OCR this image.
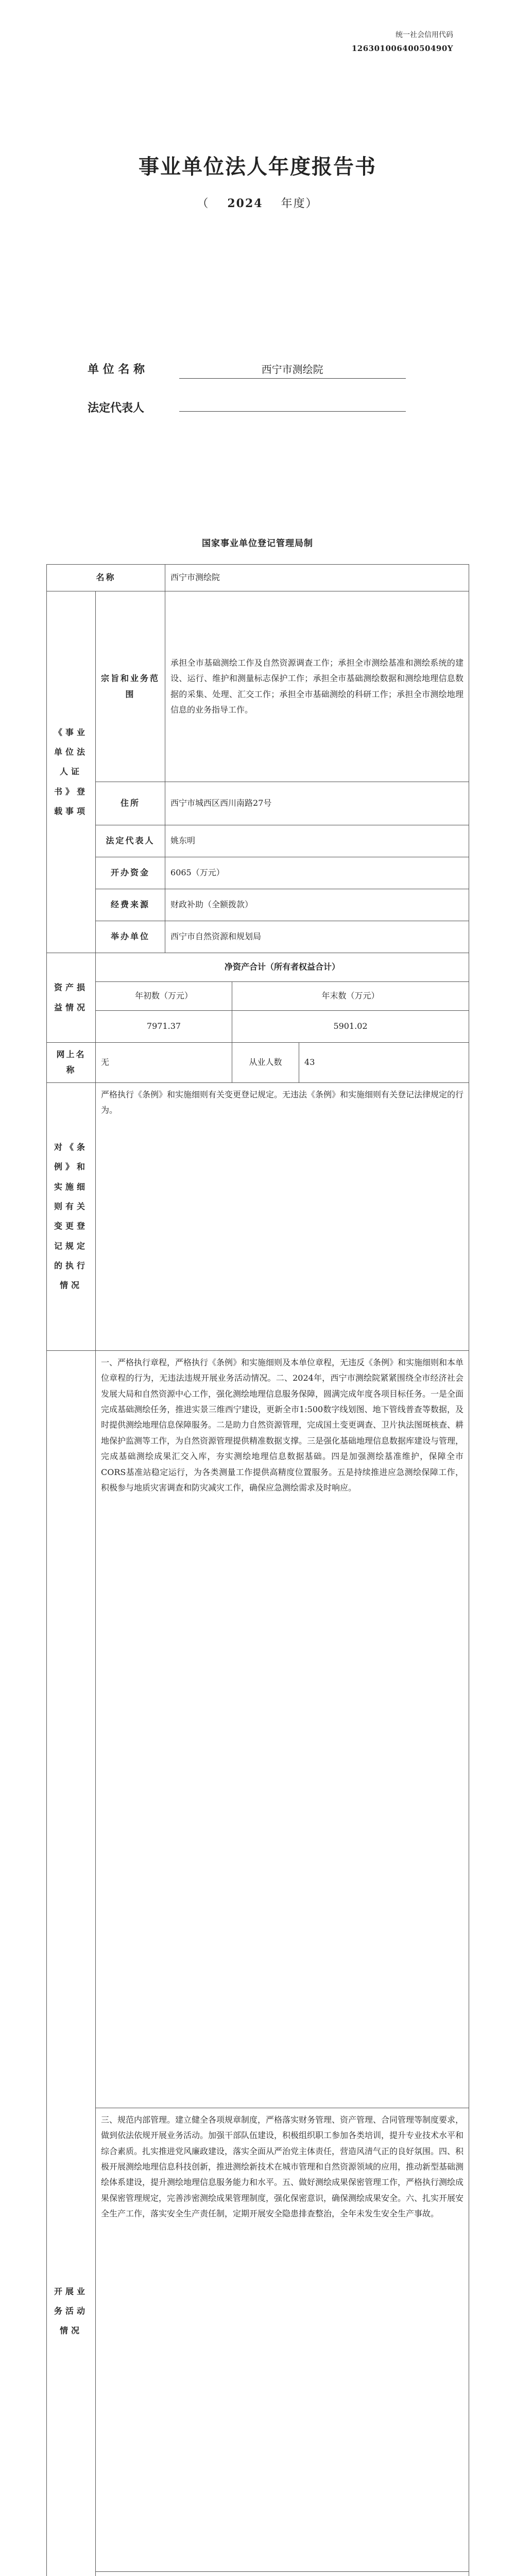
统一社会信用代码
12630100640050490Y
事业单位法人年度报告书
（ 2024 年度）
单 位 名 称	西宁市测绘院
法定代表人
国家事业单位登记管理局制
名称		西宁市测绘院		
《事业单位法人证书》登载事项	宗旨和业务范围	承担全市基础测绘工作及自然资源调查工作；承担全市测绘基准和测绘系统的建设、运行、维护和测量标志保护工作；承担全市基础测绘数据和测绘地理信息数据的采集、处理、汇交工作；承担全市基础测绘的科研工作；承担全市测绘地理信息的业务指导工作。		
	住所	西宁市城西区西川南路27号		
	法定代表人	姚东明		
	开办资金	6065（万元）		
	经费来源	财政补助（全额拨款）		
	举办单位	西宁市自然资源和规划局		
资产损益情况	净资产合计（所有者权益合计）			
	年初数（万元）		年末数（万元）	
	7971.37		5901.02	
网上名称	无		从业人数	43
对《条例》和实施细则有关变更登记规定的执行情况	严格执行《条例》和实施细则有关变更登记规定。无违法《条例》和实施细则有关登记法律规定的行为。			
开展业务活动情况	一、严格执行章程，严格执行《条例》和实施细则及本单位章程，无违反《条例》和实施细则和本单位章程的行为，无违法违规开展业务活动情况。二、2024年，西宁市测绘院紧紧围绕全市经济社会发展大局和自然资源中心工作，强化测绘地理信息服务保障，圆满完成年度各项目标任务。一是全面完成基础测绘任务，推进实景三维西宁建设，更新全市1:500数字线划图、地下管线普查等数据，及时提供测绘地理信息保障服务。二是助力自然资源管理，完成国土变更调查、卫片执法图斑核查、耕地保护监测等工作，为自然资源管理提供精准数据支撑。三是强化基础地理信息数据库建设与管理，完成基础测绘成果汇交入库，夯实测绘地理信息数据基础。四是加强测绘基准维护，保障全市CORS基准站稳定运行，为各类测量工作提供高精度位置服务。五是持续推进应急测绘保障工作，积极参与地质灾害调查和防灾减灾工作，确保应急测绘需求及时响应。			
	三、规范内部管理。建立健全各项规章制度，严格落实财务管理、资产管理、合同管理等制度要求，做到依法依规开展业务活动。加强干部队伍建设，积极组织职工参加各类培训，提升专业技术水平和综合素质。扎实推进党风廉政建设，落实全面从严治党主体责任，营造风清气正的良好氛围。四、积极开展测绘地理信息科技创新，推进测绘新技术在城市管理和自然资源领域的应用，推动新型基础测绘体系建设，提升测绘地理信息服务能力和水平。五、做好测绘成果保密管理工作，严格执行测绘成果保密管理规定，完善涉密测绘成果管理制度，强化保密意识，确保测绘成果安全。六、扎实开展安全生产工作，落实安全生产责任制，定期开展安全隐患排查整治，全年未发生安全生产事故。			
